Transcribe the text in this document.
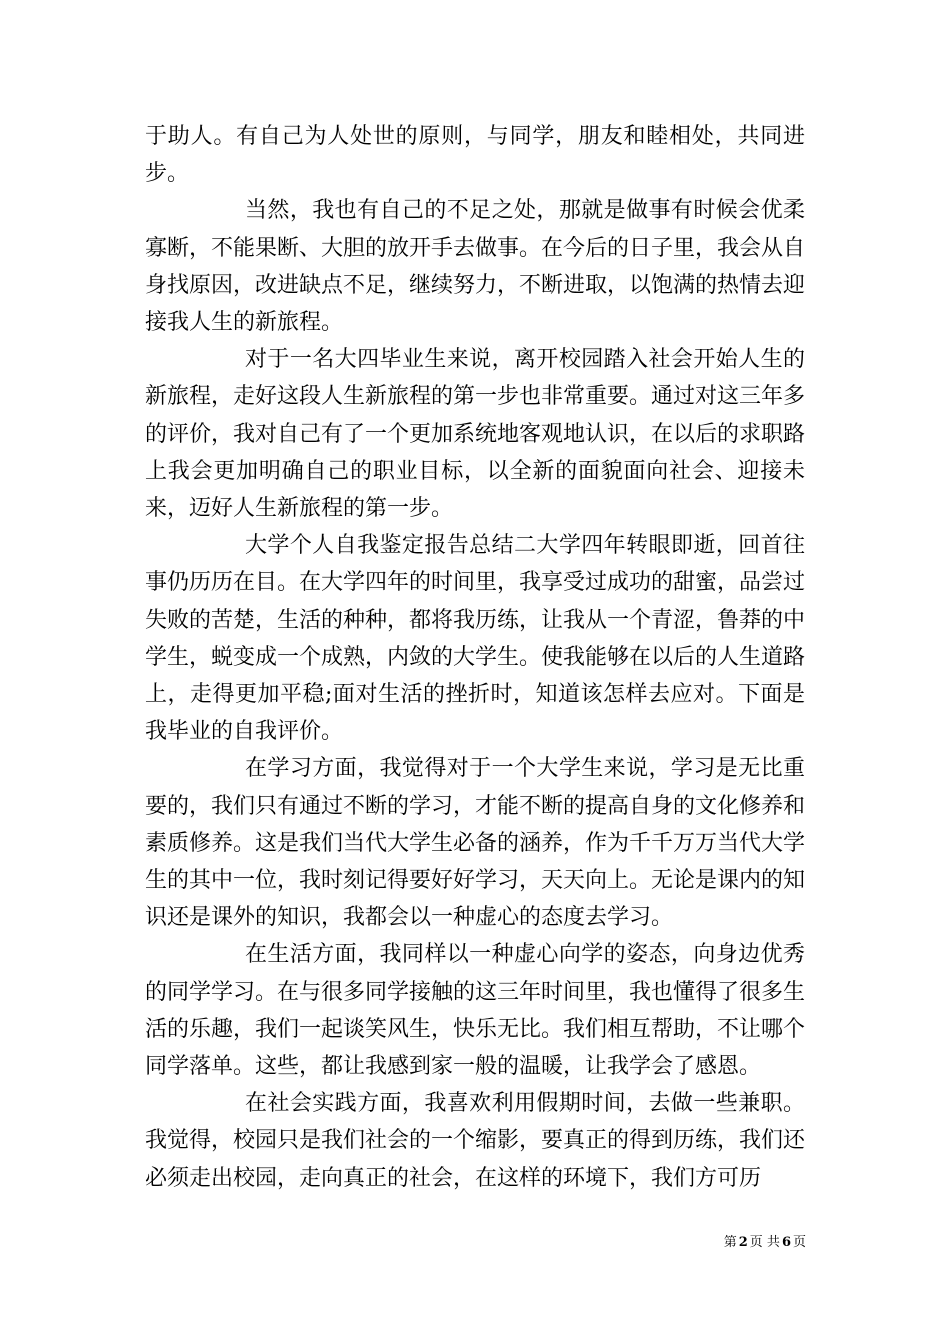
于助人。有自己为人处世的原则，与同学，朋友和睦相处，共同进步。

当然，我也有自己的不足之处，那就是做事有时候会优柔寡断，不能果断、大胆的放开手去做事。在今后的日子里，我会从自身找原因，改进缺点不足，继续努力，不断进取，以饱满的热情去迎接我人生的新旅程。

对于一名大四毕业生来说，离开校园踏入社会开始人生的新旅程，走好这段人生新旅程的第一步也非常重要。通过对这三年多的评价，我对自己有了一个更加系统地客观地认识，在以后的求职路上我会更加明确自己的职业目标，以全新的面貌面向社会、迎接未来，迈好人生新旅程的第一步。

大学个人自我鉴定报告总结二大学四年转眼即逝，回首往事仍历历在目。在大学四年的时间里，我享受过成功的甜蜜，品尝过失败的苦楚，生活的种种，都将我历练，让我从一个青涩，鲁莽的中学生，蜕变成一个成熟，内敛的大学生。使我能够在以后的人生道路上，走得更加平稳;面对生活的挫折时，知道该怎样去应对。下面是我毕业的自我评价。

在学习方面，我觉得对于一个大学生来说，学习是无比重要的，我们只有通过不断的学习，才能不断的提高自身的文化修养和素质修养。这是我们当代大学生必备的涵养，作为千千万万当代大学生的其中一位，我时刻记得要好好学习，天天向上。无论是课内的知识还是课外的知识，我都会以一种虚心的态度去学习。

在生活方面，我同样以一种虚心向学的姿态，向身边优秀的同学学习。在与很多同学接触的这三年时间里，我也懂得了很多生活的乐趣，我们一起谈笑风生，快乐无比。我们相互帮助，不让哪个同学落单。这些，都让我感到家一般的温暖，让我学会了感恩。

在社会实践方面，我喜欢利用假期时间，去做一些兼职。我觉得，校园只是我们社会的一个缩影，要真正的得到历练，我们还必须走出校园，走向真正的社会，在这样的环境下，我们方可历

第 2 页 共 6 页
